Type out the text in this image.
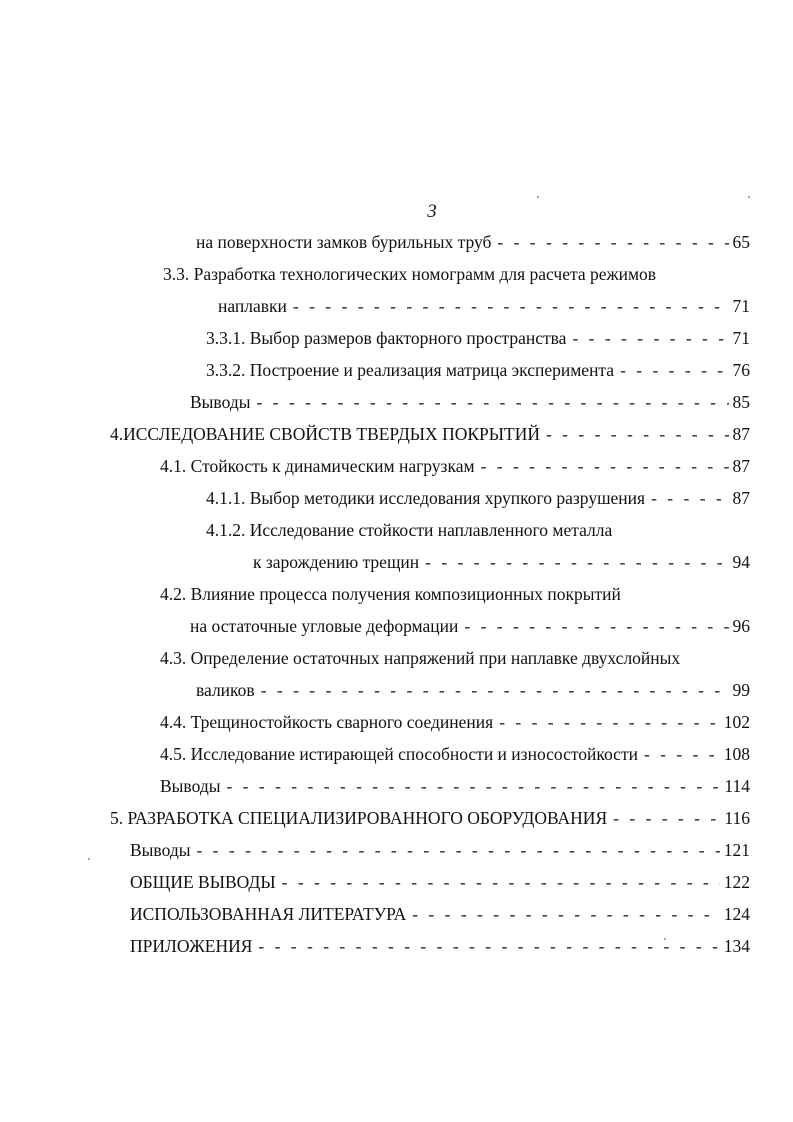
3
на поверхности замков бурильных труб - - -	65
3.3. Разработка технологических номограмм для расчета режимов
наплавки - - -	71
3.3.1. Выбор размеров факторного пространства - - -	71
3.3.2. Построение и реализация матрица эксперимента - - -	76
Выводы - - -	85
4.ИССЛЕДОВАНИЕ СВОЙСТВ ТВЕРДЫХ ПОКРЫТИЙ - - -	87
4.1. Стойкость к динамическим нагрузкам - - -	87
4.1.1. Выбор методики исследования хрупкого разрушения - - -	87
4.1.2. Исследование стойкости наплавленного металла
к зарождению трещин - - -	94
4.2. Влияние процесса получения композиционных покрытий
на остаточные угловые деформации - - -	96
4.3. Определение остаточных напряжений при наплавке двухслойных
валиков - - -	99
4.4. Трещиностойкость сварного соединения - - -	102
4.5. Исследование истирающей способности и износостойкости - - -	108
Выводы - - -	114
5. РАЗРАБОТКА СПЕЦИАЛИЗИРОВАННОГО ОБОРУДОВАНИЯ - - -	116
Выводы - - -	121
ОБЩИЕ ВЫВОДЫ - - -	122
ИСПОЛЬЗОВАННАЯ ЛИТЕРАТУРА - - -	124
ПРИЛОЖЕНИЯ - - -	134
